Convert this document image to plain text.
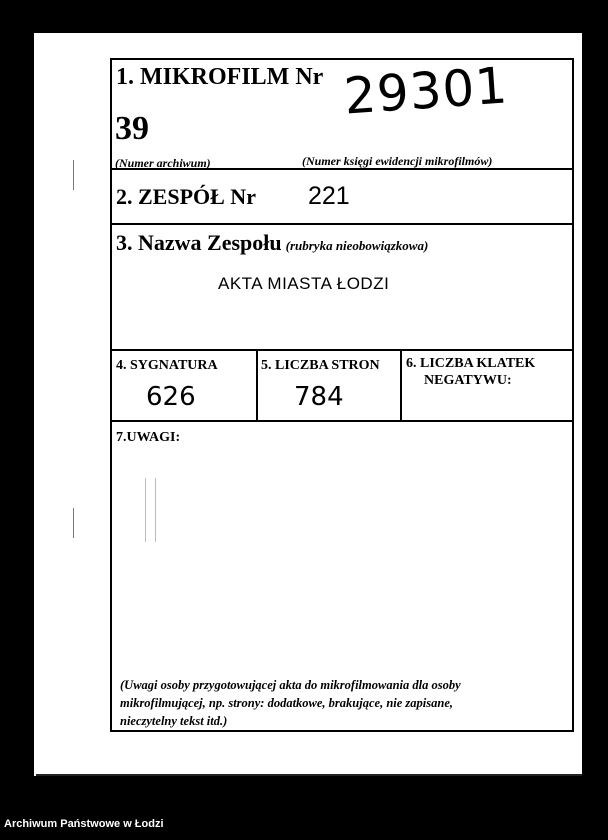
1. MIKROFILM Nr
39
29301
(Numer archiwum)	(Numer księgi ewidencji mikrofilmów)
2. ZESPÓŁ Nr 221
3. Nazwa Zespołu (rubryka nieobowiązkowa)
AKTA MIASTA ŁODZI
4. SYGNATURA
626
5. LICZBA STRON
784
6. LICZBA KLATEK
NEGATYWU:
7.UWAGI:
(Uwagi osoby przygotowującej akta do mikrofilmowania dla osoby
mikrofilmującej, np. strony: dodatkowe, brakujące, nie zapisane,
nieczytelny tekst itd.)
Archiwum Państwowe w Łodzi
